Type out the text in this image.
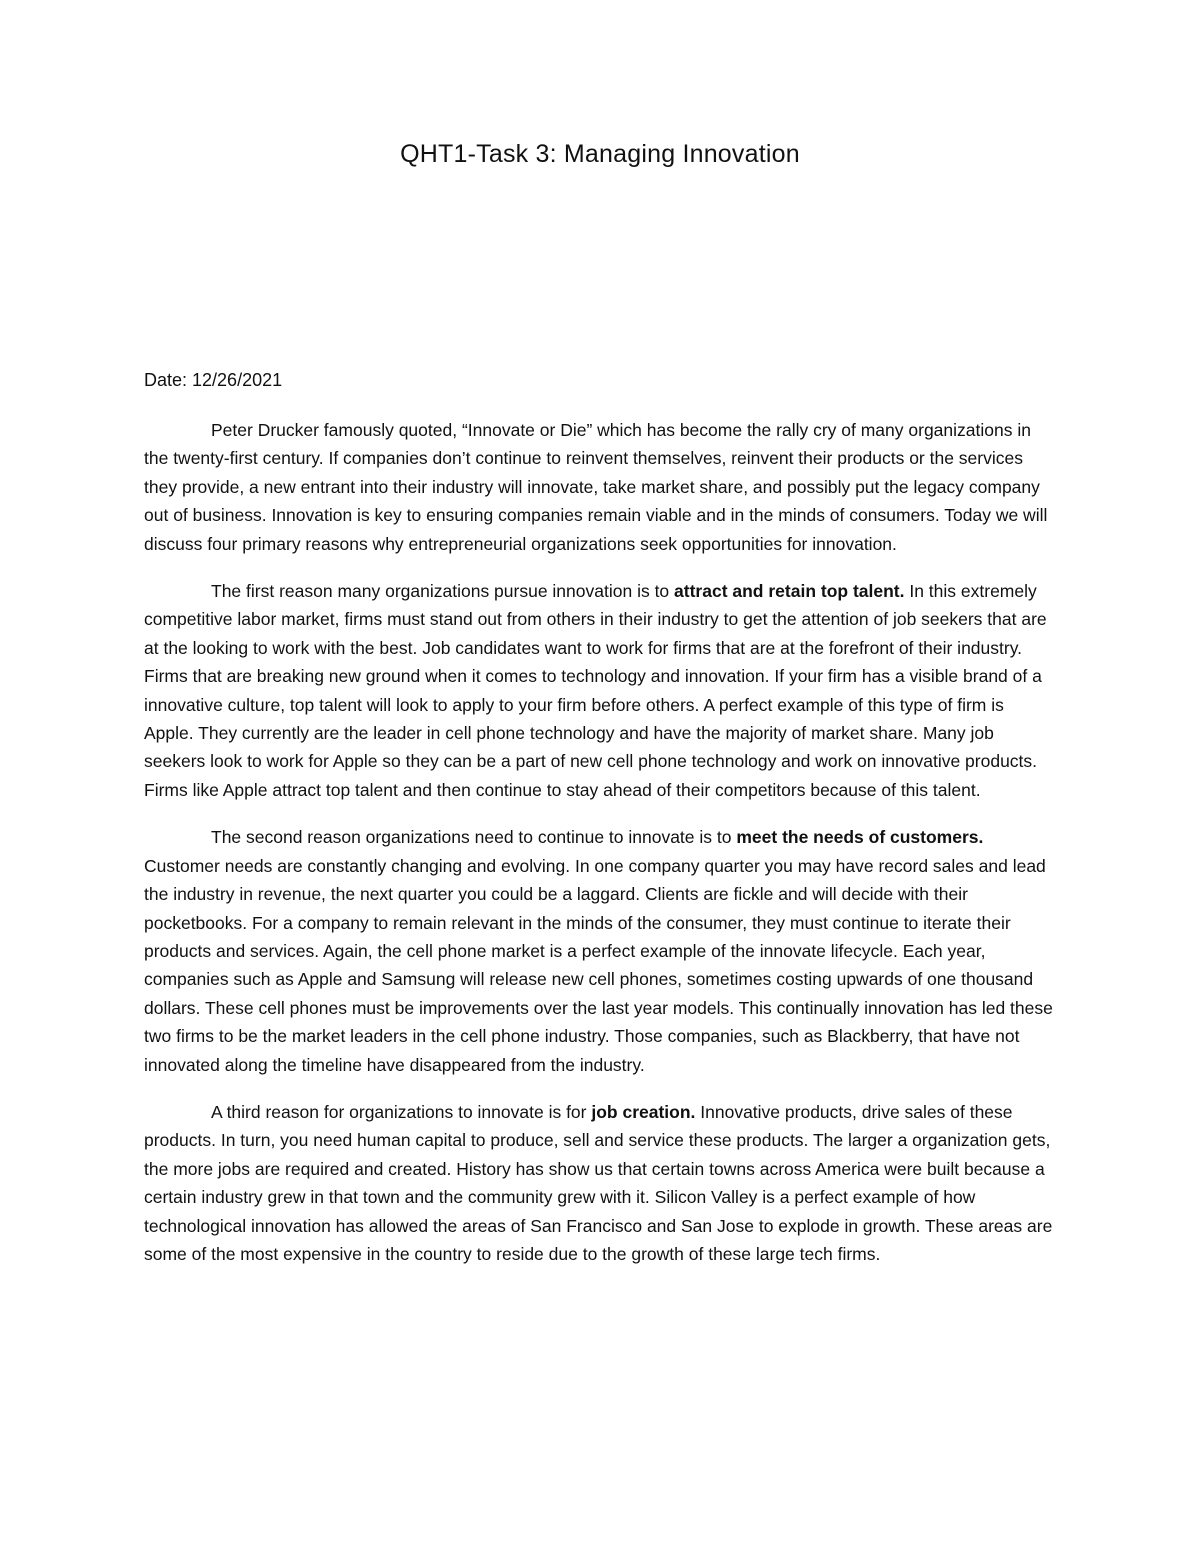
QHT1-Task 3: Managing Innovation
Date: 12/26/2021

Peter Drucker famously quoted, “Innovate or Die” which has become the rally cry of many organizations in the twenty-first century. If companies don’t continue to reinvent themselves, reinvent their products or the services they provide, a new entrant into their industry will innovate, take market share, and possibly put the legacy company out of business. Innovation is key to ensuring companies remain viable and in the minds of consumers. Today we will discuss four primary reasons why entrepreneurial organizations seek opportunities for innovation.

The first reason many organizations pursue innovation is to attract and retain top talent. In this extremely competitive labor market, firms must stand out from others in their industry to get the attention of job seekers that are at the looking to work with the best. Job candidates want to work for firms that are at the forefront of their industry. Firms that are breaking new ground when it comes to technology and innovation. If your firm has a visible brand of a innovative culture, top talent will look to apply to your firm before others. A perfect example of this type of firm is Apple. They currently are the leader in cell phone technology and have the majority of market share. Many job seekers look to work for Apple so they can be a part of new cell phone technology and work on innovative products. Firms like Apple attract top talent and then continue to stay ahead of their competitors because of this talent.

The second reason organizations need to continue to innovate is to meet the needs of customers. Customer needs are constantly changing and evolving. In one company quarter you may have record sales and lead the industry in revenue, the next quarter you could be a laggard. Clients are fickle and will decide with their pocketbooks. For a company to remain relevant in the minds of the consumer, they must continue to iterate their products and services. Again, the cell phone market is a perfect example of the innovate lifecycle. Each year, companies such as Apple and Samsung will release new cell phones, sometimes costing upwards of one thousand dollars. These cell phones must be improvements over the last year models. This continually innovation has led these two firms to be the market leaders in the cell phone industry. Those companies, such as Blackberry, that have not innovated along the timeline have disappeared from the industry.

A third reason for organizations to innovate is for job creation. Innovative products, drive sales of these products. In turn, you need human capital to produce, sell and service these products. The larger a organization gets, the more jobs are required and created. History has show us that certain towns across America were built because a certain industry grew in that town and the community grew with it. Silicon Valley is a perfect example of how technological innovation has allowed the areas of San Francisco and San Jose to explode in growth. These areas are some of the most expensive in the country to reside due to the growth of these large tech firms.
